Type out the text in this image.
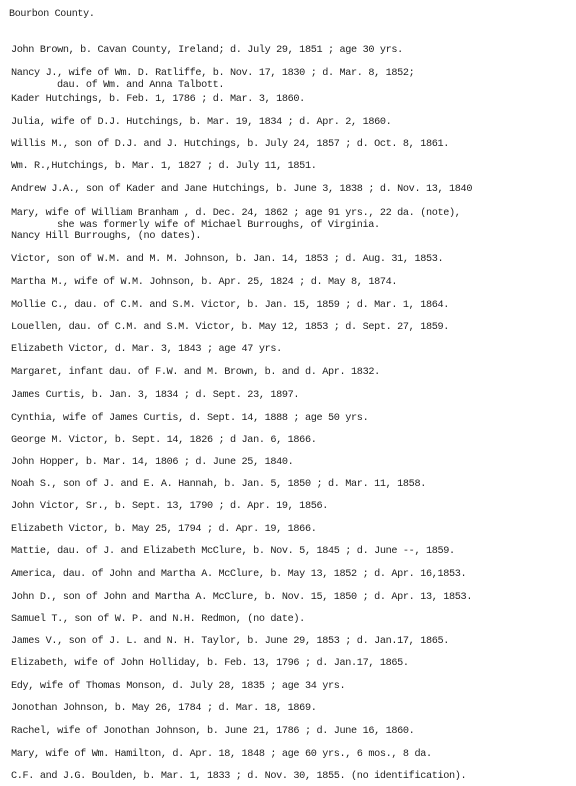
Bourbon County.
John Brown, b. Cavan County, Ireland; d. July 29, 1851 ; age 30 yrs.
Nancy J., wife of Wm. D. Ratliffe, b. Nov. 17, 1830 ; d. Mar. 8, 1852;
dau. of Wm. and Anna Talbott.
Kader Hutchings, b. Feb. 1, 1786 ; d. Mar. 3, 1860.
Julia, wife of D.J. Hutchings, b. Mar. 19, 1834 ; d. Apr. 2, 1860.
Willis M., son of D.J. and J. Hutchings, b. July 24, 1857 ; d. Oct. 8, 1861.
Wm. R.,Hutchings, b. Mar. 1, 1827 ; d. July 11, 1851.
Andrew J.A., son of Kader and Jane Hutchings, b. June 3, 1838 ; d. Nov. 13, 1840
Mary, wife of William Branham , d. Dec. 24, 1862 ; age 91 yrs., 22 da. (note),
she was formerly wife of Michael Burroughs, of Virginia.
Nancy Hill Burroughs, (no dates).
Victor, son of W.M. and M. M. Johnson, b. Jan. 14, 1853 ; d. Aug. 31, 1853.
Martha M., wife of W.M. Johnson, b. Apr. 25, 1824 ; d. May 8, 1874.
Mollie C., dau. of C.M. and S.M. Victor, b. Jan. 15, 1859 ; d. Mar. 1, 1864.
Louellen, dau. of C.M. and S.M. Victor, b. May 12, 1853 ; d. Sept. 27, 1859.
Elizabeth Victor, d. Mar. 3, 1843 ; age 47 yrs.
Margaret, infant dau. of F.W. and M. Brown, b. and d. Apr. 1832.
James Curtis, b. Jan. 3, 1834 ; d. Sept. 23, 1897.
Cynthia, wife of James Curtis, d. Sept. 14, 1888 ; age 50 yrs.
George M. Victor, b. Sept. 14, 1826 ; d Jan. 6, 1866.
John Hopper, b. Mar. 14, 1806 ; d. June 25, 1840.
Noah S., son of J. and E. A. Hannah, b. Jan. 5, 1850 ; d. Mar. 11, 1858.
John Victor, Sr., b. Sept. 13, 1790 ; d. Apr. 19, 1856.
Elizabeth Victor, b. May 25, 1794 ; d. Apr. 19, 1866.
Mattie, dau. of J. and Elizabeth McClure, b. Nov. 5, 1845 ; d. June --, 1859.
America, dau. of John and Martha A. McClure, b. May 13, 1852 ; d. Apr. 16,1853.
John D., son of John and Martha A. McClure, b. Nov. 15, 1850 ; d. Apr. 13, 1853.
Samuel T., son of W. P. and N.H. Redmon, (no date).
James V., son of J. L. and N. H. Taylor, b. June 29, 1853 ; d. Jan.17, 1865.
Elizabeth, wife of John Holliday, b. Feb. 13, 1796 ; d. Jan.17, 1865.
Edy, wife of Thomas Monson, d. July 28, 1835 ; age 34 yrs.
Jonothan Johnson, b. May 26, 1784 ; d. Mar. 18, 1869.
Rachel, wife of Jonothan Johnson, b. June 21, 1786 ; d. June 16, 1860.
Mary, wife of Wm. Hamilton, d. Apr. 18, 1848 ; age 60 yrs., 6 mos., 8 da.
C.F. and J.G. Boulden, b. Mar. 1, 1833 ; d. Nov. 30, 1855. (no identification).
